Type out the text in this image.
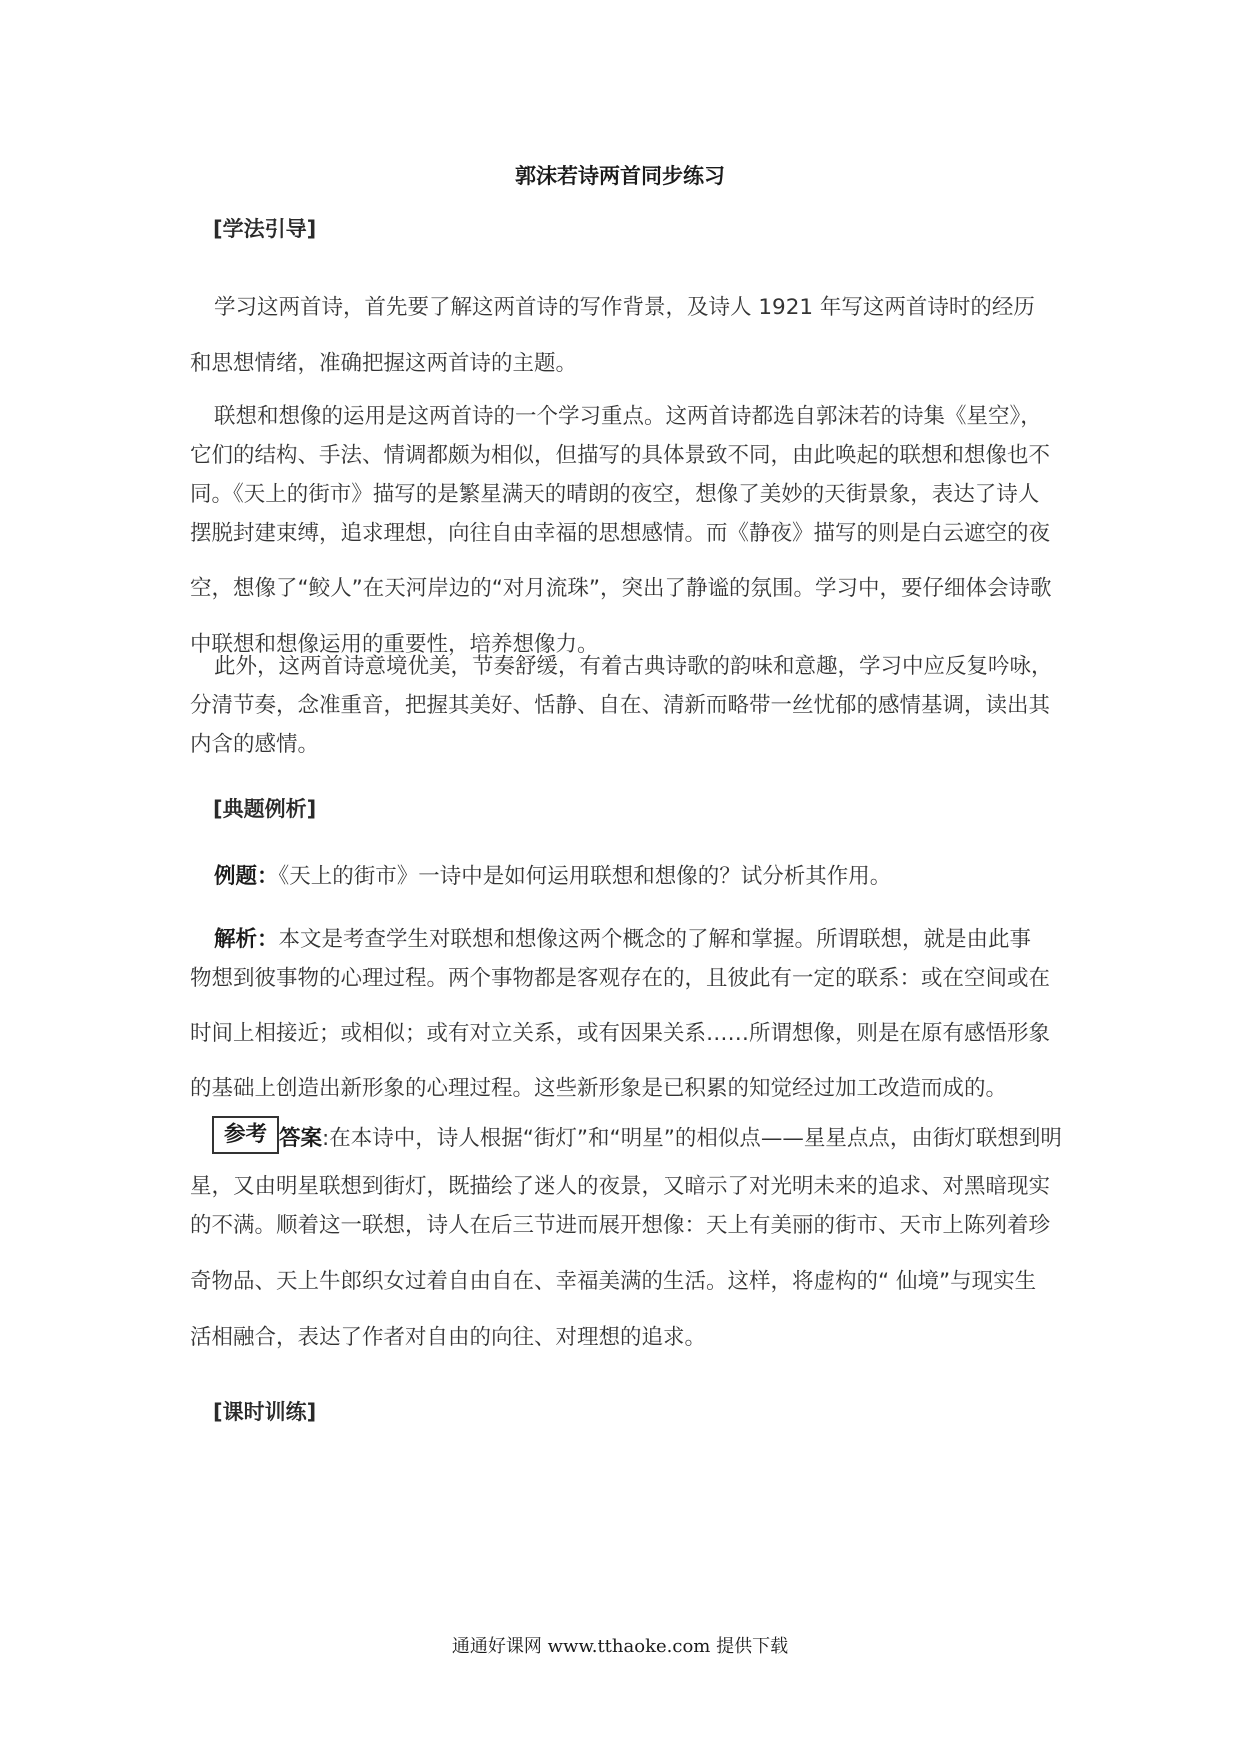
郭沫若诗两首同步练习
[学法引导]
学习这两首诗，首先要了解这两首诗的写作背景，及诗人 1921 年写这两首诗时的经历
和思想情绪，准确把握这两首诗的主题。
联想和想像的运用是这两首诗的一个学习重点。这两首诗都选自郭沫若的诗集《星空》，
它们的结构、手法、情调都颇为相似，但描写的具体景致不同，由此唤起的联想和想像也不
同。《天上的街市》描写的是繁星满天的晴朗的夜空，想像了美妙的天街景象，表达了诗人
摆脱封建束缚，追求理想，向往自由幸福的思想感情。而《静夜》描写的则是白云遮空的夜
空，想像了“鲛人”在天河岸边的“对月流珠”，突出了静谧的氛围。学习中，要仔细体会诗歌
中联想和想像运用的重要性，培养想像力。
此外，这两首诗意境优美，节奏舒缓，有着古典诗歌的韵味和意趣，学习中应反复吟咏，
分清节奏，念准重音，把握其美好、恬静、自在、清新而略带一丝忧郁的感情基调，读出其
内含的感情。
[典题例析]
例题：《天上的街市》一诗中是如何运用联想和想像的？试分析其作用。
解析：本文是考查学生对联想和想像这两个概念的了解和掌握。所谓联想，就是由此事
物想到彼事物的心理过程。两个事物都是客观存在的，且彼此有一定的联系：或在空间或在
时间上相接近；或相似；或有对立关系，或有因果关系……所谓想像，则是在原有感悟形象
的基础上创造出新形象的心理过程。这些新形象是已积累的知觉经过加工改造而成的。
参考 答案:在本诗中，诗人根据“街灯”和“明星”的相似点——星星点点，由街灯联想到明
星，又由明星联想到街灯，既描绘了迷人的夜景，又暗示了对光明未来的追求、对黑暗现实
的不满。顺着这一联想，诗人在后三节进而展开想像：天上有美丽的街市、天市上陈列着珍
奇物品、天上牛郎织女过着自由自在、幸福美满的生活。这样，将虚构的“ 仙境”与现实生
活相融合，表达了作者对自由的向往、对理想的追求。
[课时训练]
通通好课网 www.tthaoke.com 提供下载
